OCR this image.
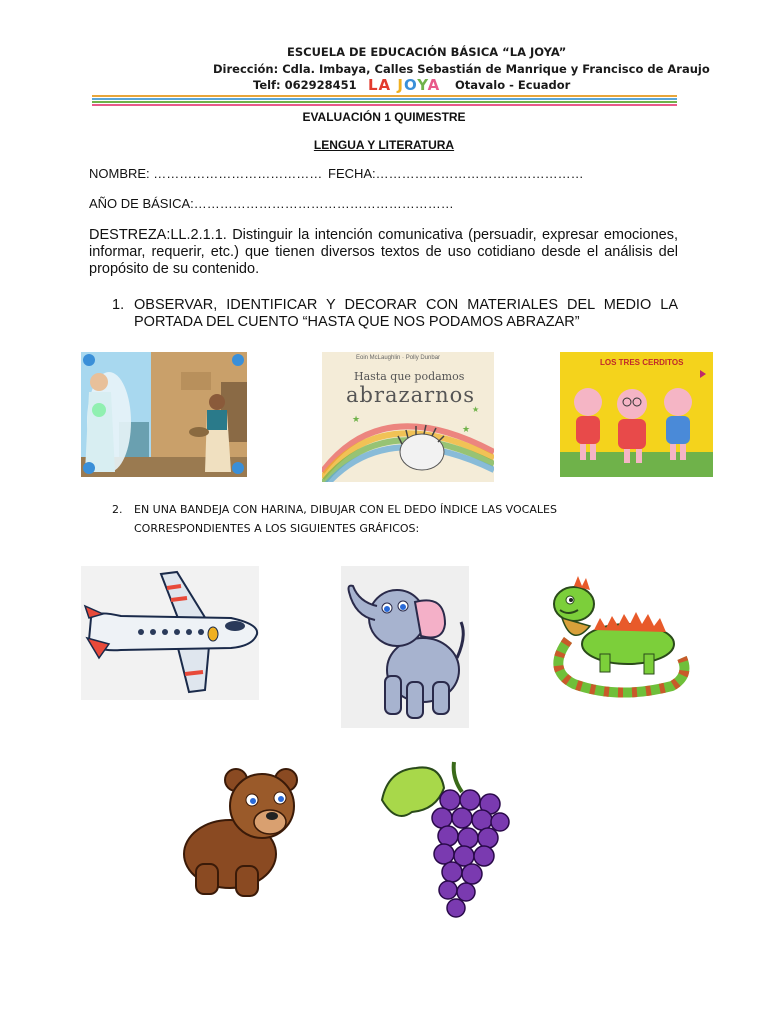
ESCUELA DE EDUCACIÓN BÁSICA “LA JOYA”
Dirección: Cdla. Imbaya, Calles Sebastián de Manrique y Francisco de Araujo
Telf: 062928451 LA JOYA Otavalo - Ecuador
EVALUACIÓN 1 QUIMESTRE
LENGUA Y LITERATURA
NOMBRE: ………………………………… FECHA:…………………………………………
AÑO DE BÁSICA:……………………………………………………
DESTREZA:LL.2.1.1. Distinguir la intención comunicativa (persuadir, expresar emociones, informar, requerir, etc.) que tienen diversos textos de uso cotidiano desde el análisis del propósito de su contenido.
1. OBSERVAR, IDENTIFICAR Y DECORAR CON MATERIALES DEL MEDIO LA PORTADA DEL CUENTO “HASTA QUE NOS PODAMOS ABRAZAR”
★
★
★
Eoin McLaughlin · Polly Dunbar
Hasta que podamos
abrazarnos
LOS TRES CERDITOS
2. EN UNA BANDEJA CON HARINA, DIBUJAR CON EL DEDO ÍNDICE LAS VOCALES
CORRESPONDIENTES A LOS SIGUIENTES GRÁFICOS:
